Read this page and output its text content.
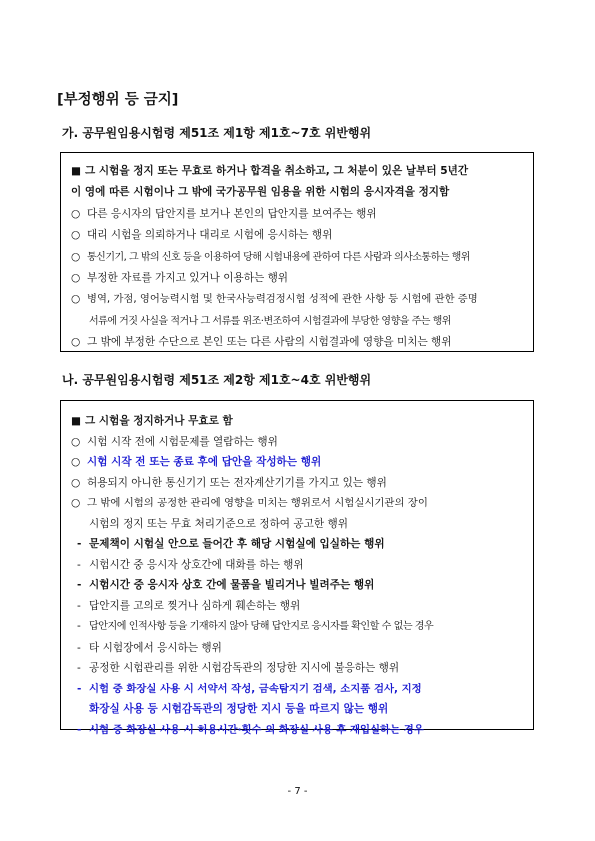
[부정행위 등 금지]
가. 공무원임용시험령 제51조 제1항 제1호~7호 위반행위
■ 그 시험을 정지 또는 무효로 하거나 합격을 취소하고, 그 처분이 있은 날부터 5년간
이 영에 따른 시험이나 그 밖에 국가공무원 임용을 위한 시험의 응시자격을 정지함
○ 다른 응시자의 답안지를 보거나 본인의 답안지를 보여주는 행위
○ 대리 시험을 의뢰하거나 대리로 시험에 응시하는 행위
○ 통신기기, 그 밖의 신호 등을 이용하여 당해 시험내용에 관하여 다른 사람과 의사소통하는 행위
○ 부정한 자료를 가지고 있거나 이용하는 행위
○ 병역, 가점, 영어능력시험 및 한국사능력검정시험 성적에 관한 사항 등 시험에 관한 증명
서류에 거짓 사실을 적거나 그 서류를 위조·변조하여 시험결과에 부당한 영향을 주는 행위
○ 그 밖에 부정한 수단으로 본인 또는 다른 사람의 시험결과에 영향을 미치는 행위
나. 공무원임용시험령 제51조 제2항 제1호~4호 위반행위
■ 그 시험을 정지하거나 무효로 함
○ 시험 시작 전에 시험문제를 열람하는 행위
○ 시험 시작 전 또는 종료 후에 답안을 작성하는 행위
○ 허용되지 아니한 통신기기 또는 전자계산기기를 가지고 있는 행위
○ 그 밖에 시험의 공정한 관리에 영향을 미치는 행위로서 시험실시기관의 장이
시험의 정지 또는 무효 처리기준으로 정하여 공고한 행위
- 문제책이 시험실 안으로 들어간 후 해당 시험실에 입실하는 행위
- 시험시간 중 응시자 상호간에 대화를 하는 행위
- 시험시간 중 응시자 상호 간에 물품을 빌리거나 빌려주는 행위
- 답안지를 고의로 찢거나 심하게 훼손하는 행위
- 답안지에 인적사항 등을 기재하지 않아 당해 답안지로 응시자를 확인할 수 없는 경우
- 타 시험장에서 응시하는 행위
- 공정한 시험관리를 위한 시험감독관의 정당한 지시에 불응하는 행위
- 시험 중 화장실 사용 시 서약서 작성, 금속탐지기 검색, 소지품 검사, 지정
화장실 사용 등 시험감독관의 정당한 지시 등을 따르지 않는 행위
- 시험 중 화장실 사용 시 허용시간·횟수 외 화장실 사용 후 재입실하는 경우
- 7 -
